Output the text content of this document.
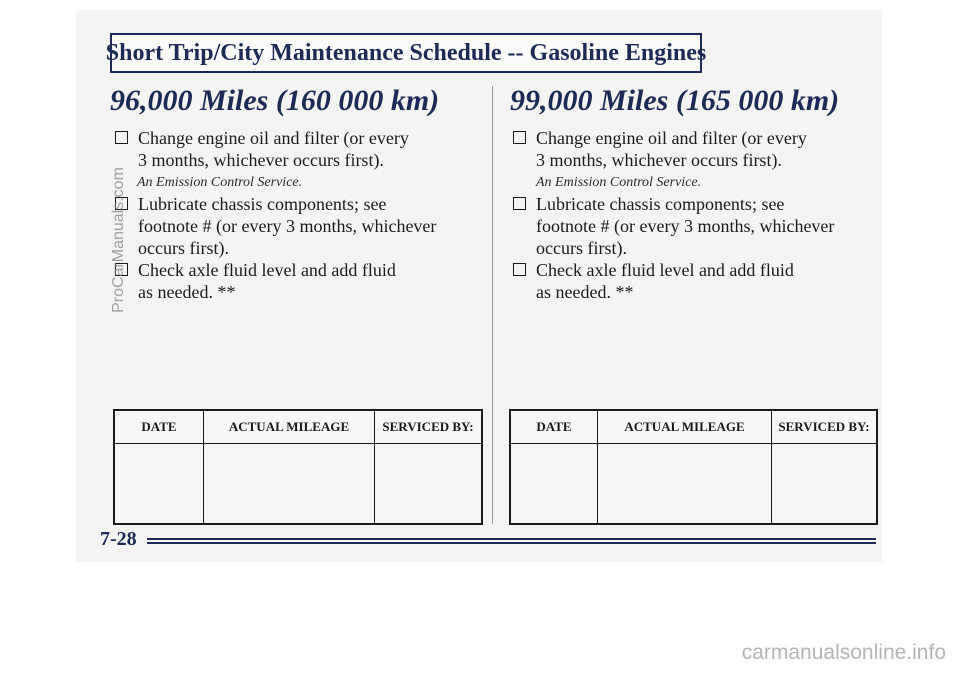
Short Trip/City Maintenance Schedule -- Gasoline Engines
96,000 Miles (160 000 km)
Change engine oil and filter (or every
3 months, whichever occurs first).
An Emission Control Service.
Lubricate chassis components; see
footnote # (or every 3 months, whichever
occurs first).
Check axle fluid level and add fluid
as needed. **
DATE	ACTUAL MILEAGE	SERVICED BY:

99,000 Miles (165 000 km)
Change engine oil and filter (or every
3 months, whichever occurs first).
An Emission Control Service.
Lubricate chassis components; see
footnote # (or every 3 months, whichever
occurs first).
Check axle fluid level and add fluid
as needed. **
DATE	ACTUAL MILEAGE	SERVICED BY:

7-28
ProCarManuals.com
carmanualsonline.info
